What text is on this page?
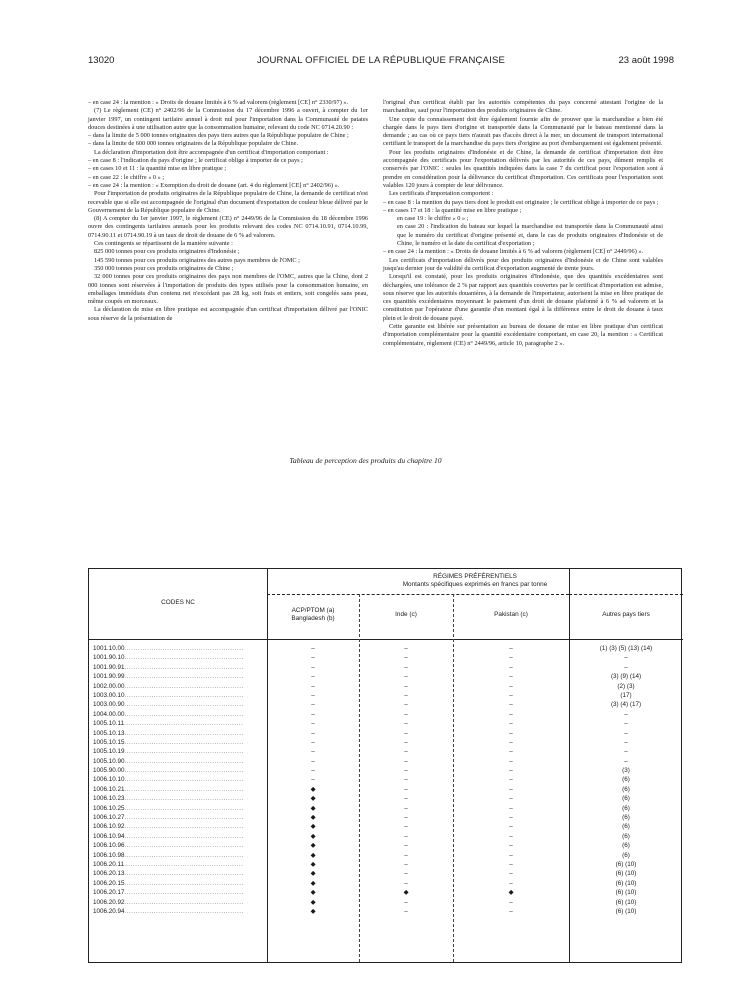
13020	JOURNAL OFFICIEL DE LA RÉPUBLIQUE FRANÇAISE	23 août 1998

– en case 24 : la mention : « Droits de douane limités à 6 % ad valorem (règlement [CE] n° 2330/97) ».

(7) Le règlement (CE) n° 2402/96 de la Commission du 17 décembre 1996 a ouvert, à compter du 1er janvier 1997, un contingent tarifaire annuel à droit nul pour l'importation dans la Communauté de patates douces destinées à une utilisation autre que la consommation humaine, relevant du code NC 0714.20.90 :

– dans la limite de 5 000 tonnes originaires des pays tiers autres que la République populaire de Chine ;

– dans la limite de 600 000 tonnes originaires de la République populaire de Chine.

La déclaration d'importation doit être accompagnée d'un certificat d'importation comportant :

– en case 8 : l'indication du pays d'origine ; le certificat oblige à importer de ce pays ;

– en cases 10 et 11 : la quantité mise en libre pratique ;

– en case 22 : le chiffre « 0 » ;

– en case 24 : la mention : « Exemption du droit de douane (art. 4 du règlement [CE] n° 2402/96) ».

Pour l'importation de produits originaires de la République populaire de Chine, la demande de certificat n'est recevable que si elle est accompagnée de l'original d'un document d'exportation de couleur bleue délivré par le Gouvernement de la République populaire de Chine.

(8) A compter du 1er janvier 1997, le règlement (CE) n° 2449/96 de la Commission du 18 décembre 1996 ouvre des contingents tarifaires annuels pour les produits relevant des codes NC 0714.10.91, 0714.10.99, 0714.90.11 et 0714.90.19 à un taux de droit de douane de 6 % ad valorem.

Ces contingents se répartissent de la manière suivante :

825 000 tonnes pour ces produits originaires d'Indonésie ;

145 590 tonnes pour ces produits originaires des autres pays membres de l'OMC ;

350 000 tonnes pour ces produits originaires de Chine ;

32 000 tonnes pour ces produits originaires des pays non membres de l'OMC, autres que la Chine, dont 2 000 tonnes sont réservées à l'importation de produits des types utilisés pour la consommation humaine, en emballages immédiats d'un contenu net n'excédant pas 28 kg, soit frais et entiers, soit congelés sans peau, même coupés en morceaux.

La déclaration de mise en libre pratique est accompagnée d'un certificat d'importation délivré par l'ONIC sous réserve de la présentation de

l'original d'un certificat établi par les autorités compétentes du pays concerné attestant l'origine de la marchandise, sauf pour l'importation des produits originaires de Chine.

Une copie du connaissement doit être également fournie afin de prouver que la marchandise a bien été chargée dans le pays tiers d'origine et transportée dans la Communauté par le bateau mentionné dans la demande ; au cas où ce pays tiers n'aurait pas d'accès direct à la mer, un document de transport international certifiant le transport de la marchandise du pays tiers d'origine au port d'embarquement est également présenté.

Pour les produits originaires d'Indonésie et de Chine, la demande de certificat d'importation doit être accompagnée des certificats pour l'exportation délivrés par les autorités de ces pays, dûment remplis et conservés par l'ONIC : seules les quantités indiquées dans la case 7 du certificat pour l'exportation sont à prendre en considération pour la délivrance du certificat d'importation. Ces certificats pour l'exportation sont valables 120 jours à compter de leur délivrance.

Les certificats d'importation comportent :

– en case 8 : la mention du pays tiers dont le produit est originaire ; le certificat oblige à importer de ce pays ;

– en cases 17 et 18 : la quantité mise en libre pratique ;

en case 19 : le chiffre « 0 » ;

en case 20 : l'indication du bateau sur lequel la marchandise est transportée dans la Communauté ainsi que le numéro du certificat d'origine présenté et, dans le cas de produits originaires d'Indonésie et de Chine, le numéro et la date du certificat d'exportation ;

– en case 24 : la mention : « Droits de douane limités à 6 % ad valorem (règlement [CE] n° 2449/96) ».

Les certificats d'importation délivrés pour des produits originaires d'Indonésie et de Chine sont valables jusqu'au dernier jour de validité du certificat d'exportation augmenté de trente jours.

Lorsqu'il est constaté, pour les produits originaires d'Indonésie, que des quantités excédentaires sont déchargées, une tolérance de 2 % par rapport aux quantités couvertes par le certificat d'importation est admise, sous réserve que les autorités douanières, à la demande de l'importateur, autorisent la mise en libre pratique de ces quantités excédentaires moyennant le paiement d'un droit de douane plafonné à 6 % ad valorem et la constitution par l'opérateur d'une garantie d'un montant égal à la différence entre le droit de douane à taux plein et le droit de douane payé.

Cette garantie est libérée sur présentation au bureau de douane de mise en libre pratique d'un certificat d'importation complémentaire pour la quantité excédentaire comportant, en case 20, la mention : « Certificat complémentaire, règlement (CE) n° 2449/96, article 10, paragraphe 2 ».

Tableau de perception des produits du chapitre 10
CODES NC
RÉGIMES PRÉFÉRENTIELS
Montants spécifiques exprimés en francs par tonne
ACP/PTOM (a)
Bangladesh (b)
Inde (c)	Pakistan (c)	Autres pays tiers
1001.10.00.....................................................	–	–	–	(1) (3) (5) (13) (14)
1001.90.10.....................................................	–	–	–	–
1001.90.91.....................................................	–	–	–	–
1001.90.99.....................................................	–	–	–	(3) (9) (14)
1002.00.00.....................................................	–	–	–	(2) (3)
1003.00.10.....................................................	–	–	–	(17)
1003.00.90.....................................................	–	–	–	(3) (4) (17)
1004.00.00.....................................................	–	–	–	–
1005.10.11.....................................................	–	–	–	–
1005.10.13.....................................................	–	–	–	–
1005.10.15.....................................................	–	–	–	–
1005.10.19.....................................................	–	–	–	–
1005.10.90.....................................................	–	–	–	–
1005.90.00.....................................................	–	–	–	(3)
1006.10.10.....................................................	–	–	–	(6)
1006.10.21.....................................................	◆	–	–	(6)
1006.10.23.....................................................	◆	–	–	(6)
1006.10.25.....................................................	◆	–	–	(6)
1006.10.27.....................................................	◆	–	–	(6)
1006.10.92.....................................................	◆	–	–	(6)
1006.10.94.....................................................	◆	–	–	(6)
1006.10.96.....................................................	◆	–	–	(6)
1006.10.98.....................................................	◆	–	–	(6)
1006.20.11.....................................................	◆	–	–	(6) (10)
1006.20.13.....................................................	◆	–	–	(6) (10)
1006.20.15.....................................................	◆	–	–	(6) (10)
1006.20.17.....................................................	◆	◆	◆	(6) (10)
1006.20.92.....................................................	◆	–	–	(6) (10)
1006.20.94.....................................................	◆	–	–	(6) (10)
